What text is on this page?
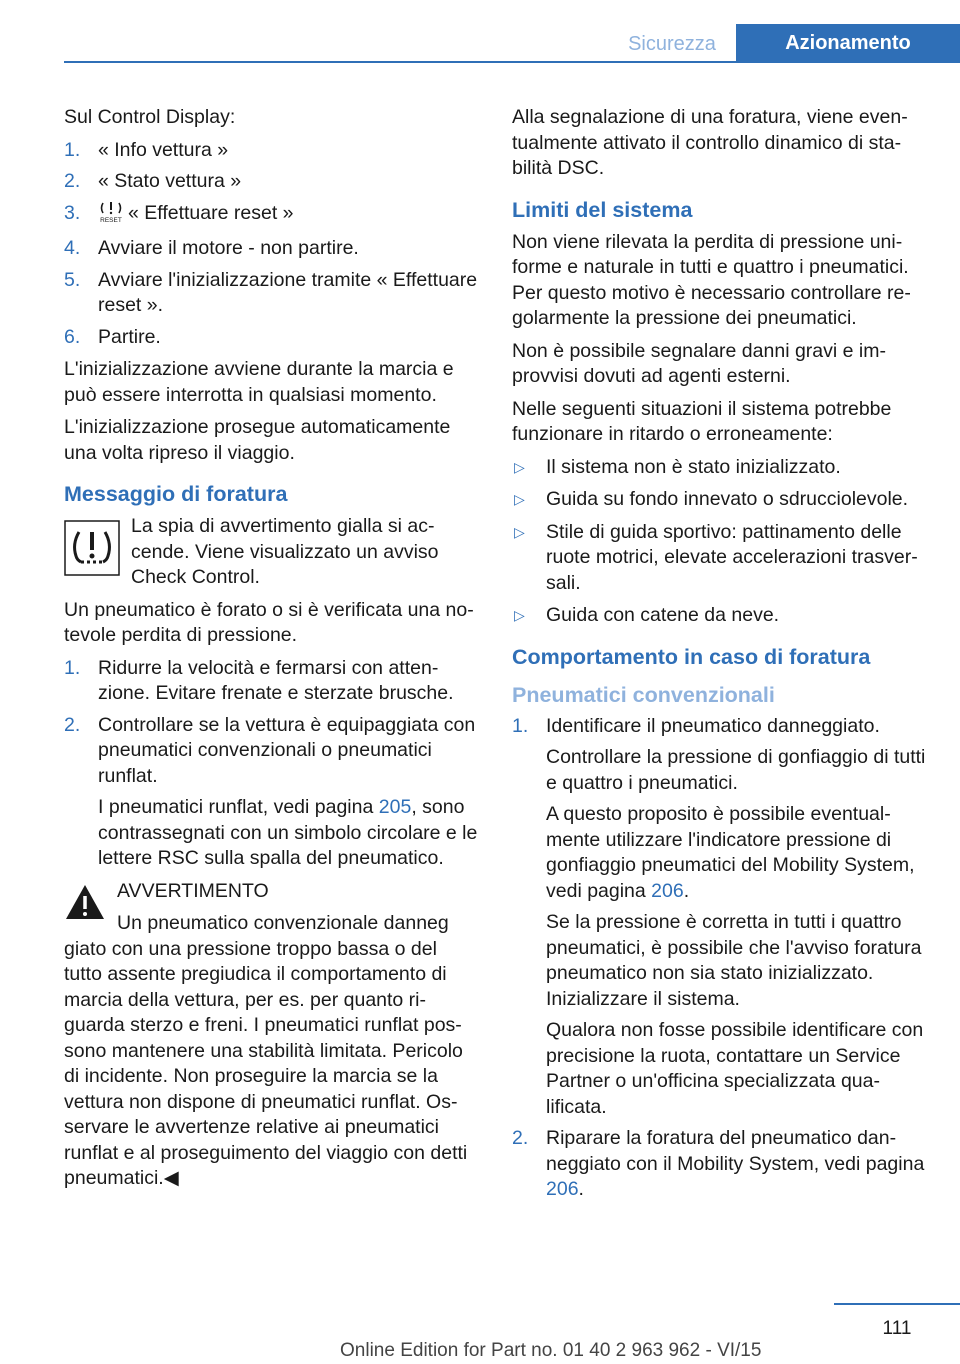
Sicurezza	Azionamento

Sul Control Display:

1. « Info vettura »
2. « Stato vettura »
3.	RESET « Effettuare reset »
4. Avviare il motore - non partire.
5. Avviare l'inizializzazione tramite « Effettuare reset ».
6. Partire.

L'inizializzazione avviene durante la marcia e può essere interrotta in qualsiasi momento.

L'inizializzazione prosegue automaticamente una volta ripreso il viaggio.

Messaggio di foratura
La spia di avvertimento gialla si accende. Viene visualizzato un avviso Check Control.

Un pneumatico è forato o si è verificata una notevole perdita di pressione.

1. Ridurre la velocità e fermarsi con attenzione. Evitare frenate e sterzate brusche.

2. Controllare se la vettura è equipaggiata con pneumatici convenzionali o pneumatici runflat.

I pneumatici runflat, vedi pagina 205, sono contrassegnati con un simbolo circolare e le lettere RSC sulla spalla del pneumatico.

AVVERTIMENTO
Un pneumatico convenzionale danneg
giato con una pressione troppo bassa o del tutto assente pregiudica il comportamento di marcia della vettura, per es. per quanto riguarda sterzo e freni. I pneumatici runflat possono mantenere una stabilità limitata. Pericolo di incidente. Non proseguire la marcia se la vettura non dispone di pneumatici runflat. Osservare le avvertenze relative ai pneumatici runflat e al proseguimento del viaggio con detti pneumatici.◀

Alla segnalazione di una foratura, viene eventualmente attivato il controllo dinamico di stabilità DSC.

Limiti del sistema

Non viene rilevata la perdita di pressione uniforme e naturale in tutti e quattro i pneumatici. Per questo motivo è necessario controllare regolarmente la pressione dei pneumatici.

Non è possibile segnalare danni gravi e improvvisi dovuti ad agenti esterni.

Nelle seguenti situazioni il sistema potrebbe funzionare in ritardo o erroneamente:

▷ Il sistema non è stato inizializzato.
▷ Guida su fondo innevato o sdrucciolevole.
▷ Stile di guida sportivo: pattinamento delle ruote motrici, elevate accelerazioni trasversali.
▷ Guida con catene da neve.
Comportamento in caso di foratura
Pneumatici convenzionali
1. Identificare il pneumatico danneggiato.

Controllare la pressione di gonfiaggio di tutti e quattro i pneumatici.

A questo proposito è possibile eventualmente utilizzare l'indicatore pressione di gonfiaggio pneumatici del Mobility System, vedi pagina 206.

Se la pressione è corretta in tutti i quattro pneumatici, è possibile che l'avviso foratura pneumatico non sia stato inizializzato. Inizializzare il sistema.

Qualora non fosse possibile identificare con precisione la ruota, contattare un Service Partner o un'officina specializzata qualificata.

2. Riparare la foratura del pneumatico danneggiato con il Mobility System, vedi pagina 206.

111
Online Edition for Part no. 01 40 2 963 962 - VI/15
